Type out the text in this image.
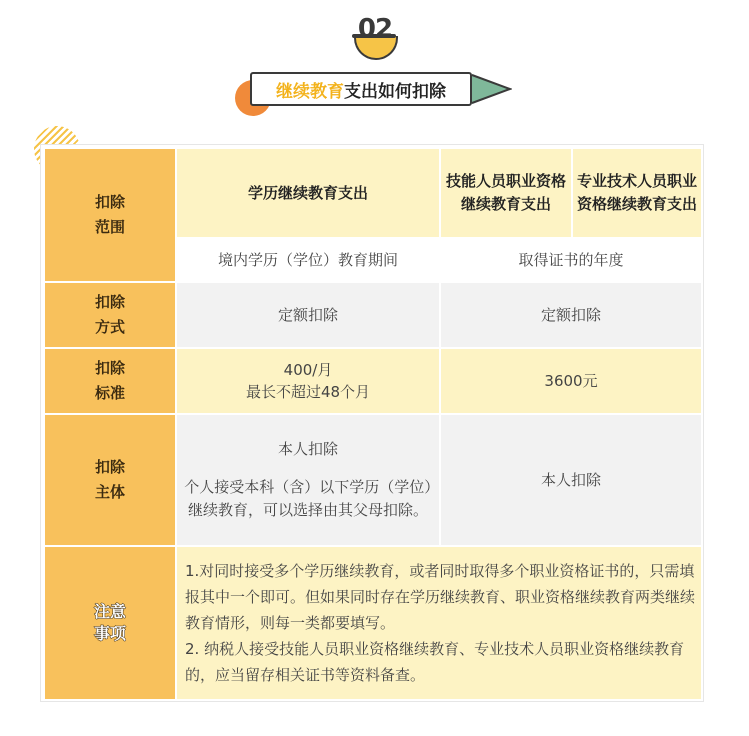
02
继续教育 支出如何扣除
扣除范围
扣除方式
扣除标准
扣除主体
注意事项
学历继续教育支出
技能人员职业资格继续教育支出
专业技术人员职业资格继续教育支出
境内学历（学位）教育期间	取得证书的年度
定额扣除	定额扣除
400/月
最长不超过48个月
3600元
本人扣除
个人接受本科（含）以下学历（学位）继续教育，可以选择由其父母扣除。
本人扣除
1.对同时接受多个学历继续教育，或者同时取得多个职业资格证书的，只需填报其中一个即可。但如果同时存在学历继续教育、职业资格继续教育两类继续教育情形，则每一类都要填写。
2. 纳税人接受技能人员职业资格继续教育、专业技术人员职业资格继续教育的，应当留存相关证书等资料备查。
